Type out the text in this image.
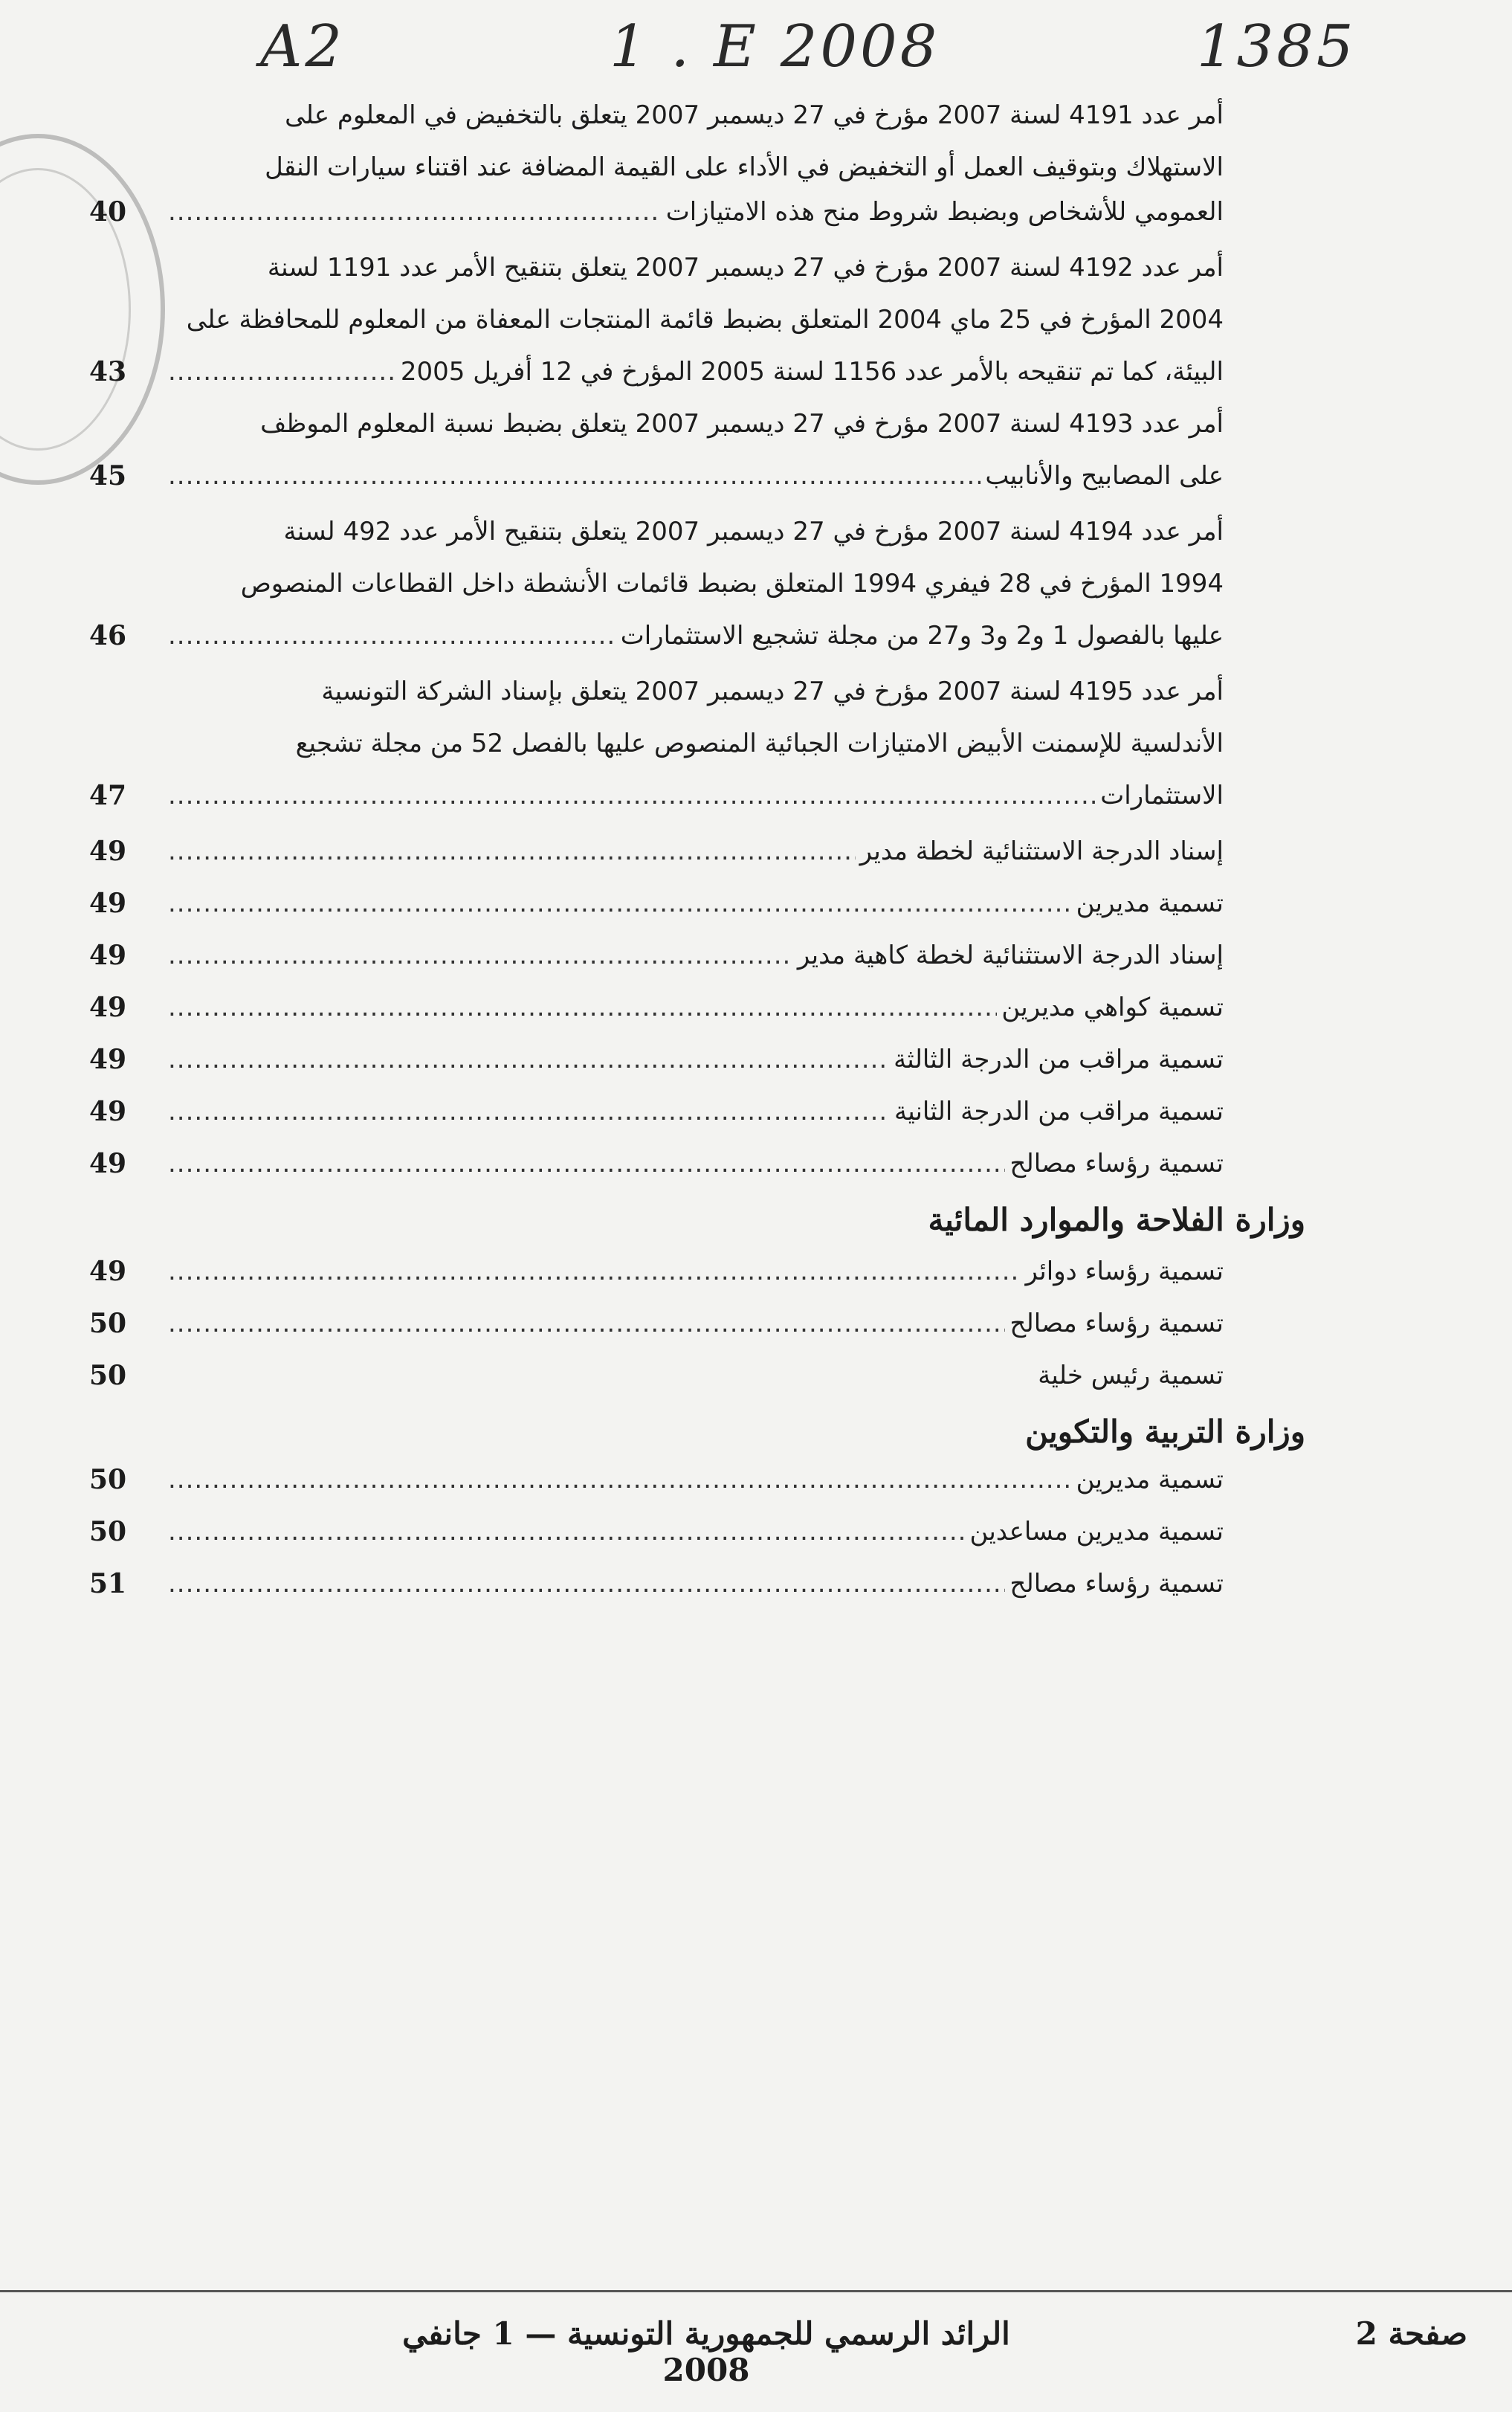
A2	1 . E 2008	1385
أمر عدد 4191 لسنة 2007 مؤرخ في 27 ديسمبر 2007 يتعلق بالتخفيض في المعلوم على
الاستهلاك وبتوقيف العمل أو التخفيض في الأداء على القيمة المضافة عند اقتناء سيارات النقل
العمومي للأشخاص وبضبط شروط منح هذه الامتيازات
.....
40
أمر عدد 4192 لسنة 2007 مؤرخ في 27 ديسمبر 2007 يتعلق بتنقيح الأمر عدد 1191 لسنة
2004 المؤرخ في 25 ماي 2004 المتعلق بضبط قائمة المنتجات المعفاة من المعلوم للمحافظة على
البيئة، كما تم تنقيحه بالأمر عدد 1156 لسنة 2005 المؤرخ في 12 أفريل 2005
.....
43
أمر عدد 4193 لسنة 2007 مؤرخ في 27 ديسمبر 2007 يتعلق بضبط نسبة المعلوم الموظف
على المصابيح والأنابيب
.....
45
أمر عدد 4194 لسنة 2007 مؤرخ في 27 ديسمبر 2007 يتعلق بتنقيح الأمر عدد 492 لسنة
1994 المؤرخ في 28 فيفري 1994 المتعلق بضبط قائمات الأنشطة داخل القطاعات المنصوص
عليها بالفصول 1 و2 و3 و27 من مجلة تشجيع الاستثمارات
.....
46
أمر عدد 4195 لسنة 2007 مؤرخ في 27 ديسمبر 2007 يتعلق بإسناد الشركة التونسية
الأندلسية للإسمنت الأبيض الامتيازات الجبائية المنصوص عليها بالفصل 52 من مجلة تشجيع
الاستثمارات
.....
47
إسناد الدرجة الاستثنائية لخطة مدير
.....
49
تسمية مديرين
.....
49
إسناد الدرجة الاستثنائية لخطة كاهية مدير
.....
49
تسمية كواهي مديرين
.....
49
تسمية مراقب من الدرجة الثالثة
.....
49
تسمية مراقب من الدرجة الثانية
.....
49
تسمية رؤساء مصالح
.....
49
وزارة الفلاحة والموارد المائية
تسمية رؤساء دوائر
.....
49
تسمية رؤساء مصالح
.....
50
تسمية رئيس خلية
50
وزارة التربية والتكوين
تسمية مديرين
.....
50
تسمية مديرين مساعدين
.....
50
تسمية رؤساء مصالح
.....
51
الرائد الرسمي للجمهورية التونسية — 1 جانفي 2008
صفحة 2
